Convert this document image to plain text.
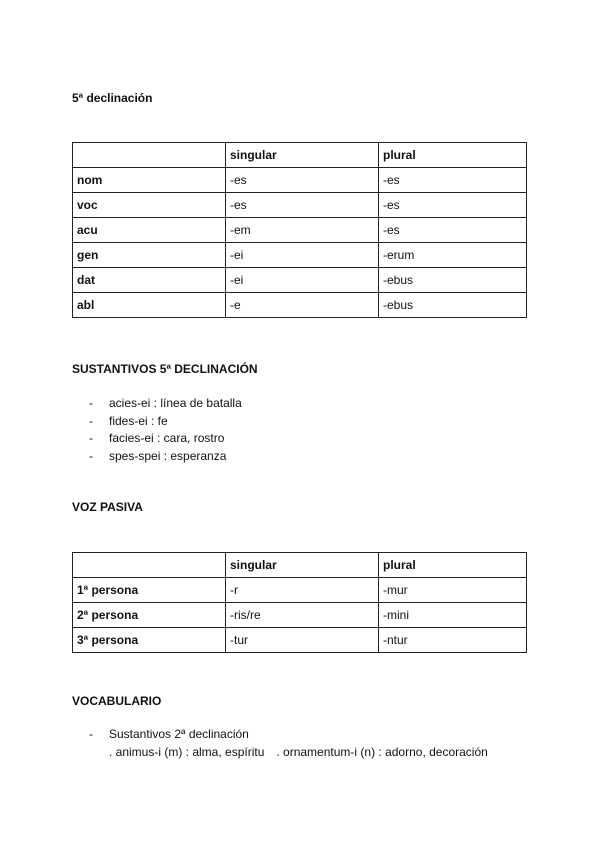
5ª declinación
	singular	plural
nom	-es	-es
voc	-es	-es
acu	-em	-es
gen	-ei	-erum
dat	-ei	-ebus
abl	-e	-ebus
SUSTANTIVOS 5ª DECLINACIÓN
- acies-ei : línea de batalla
- fides-ei : fe
- facies-ei : cara, rostro
- spes-spei : esperanza
VOZ PASIVA
	singular	plural
1ª persona	-r	-mur
2ª persona	-ris/re	-mini
3ª persona	-tur	-ntur
VOCABULARIO
- Sustantivos 2ª declinación
. animus-i (m) : alma, espíritu . ornamentum-i (n) : adorno, decoración
